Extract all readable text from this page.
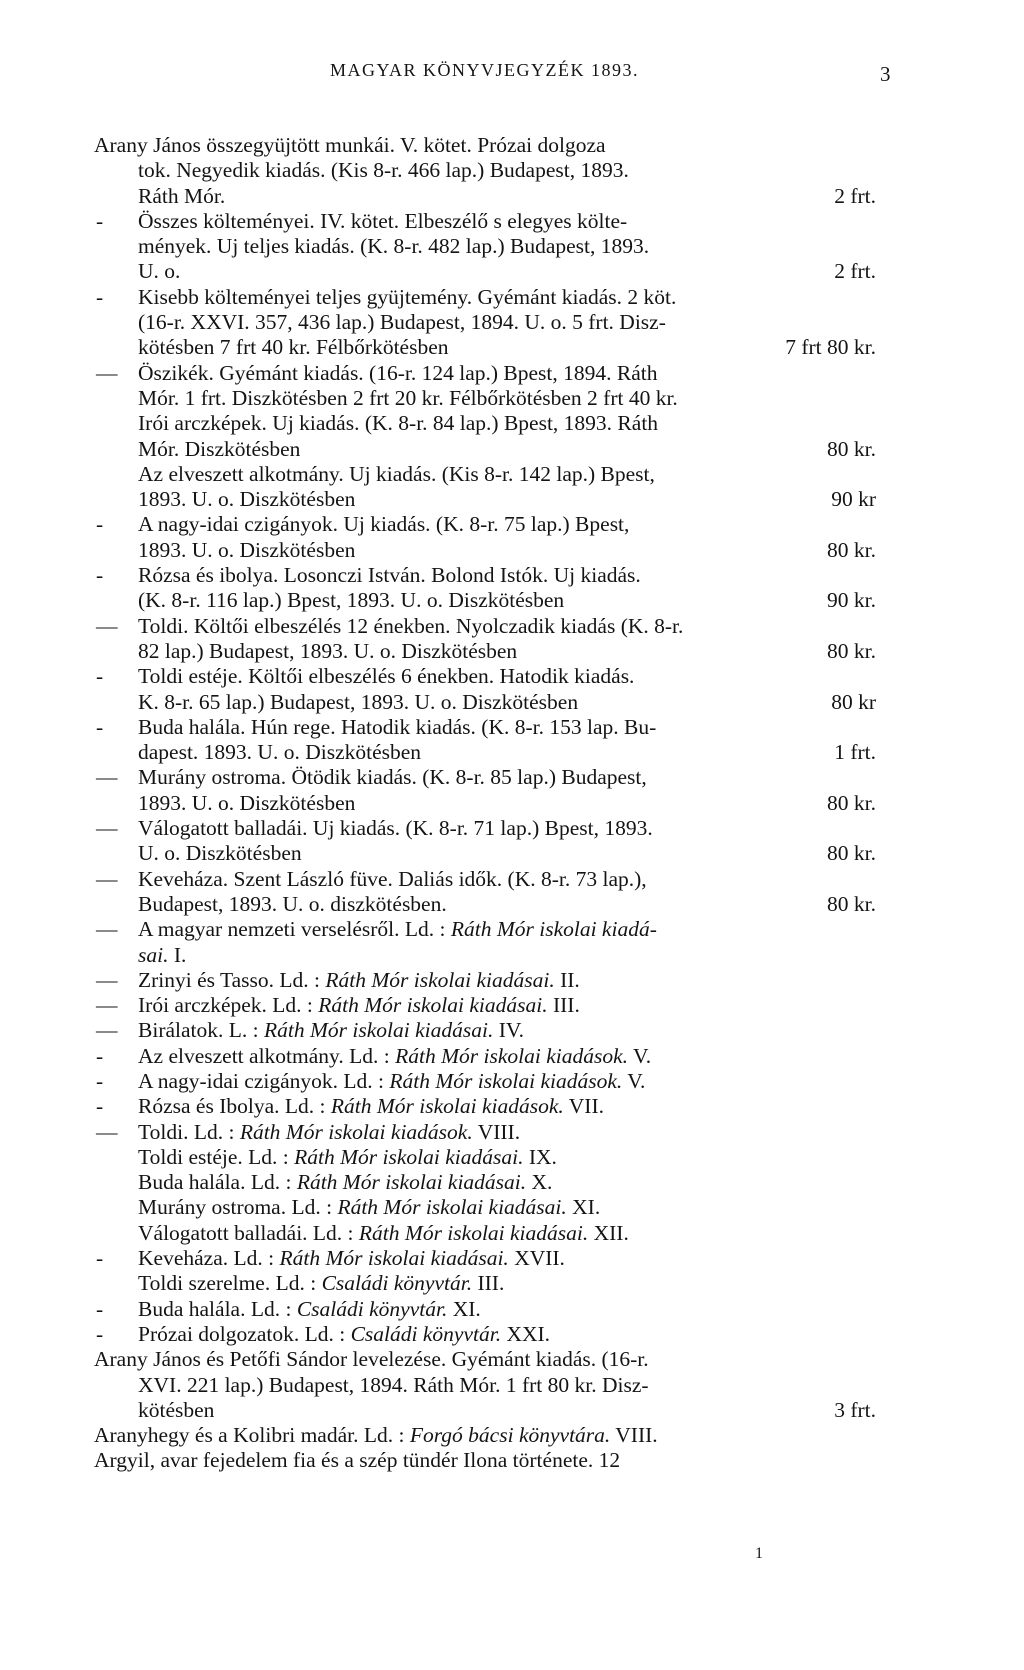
MAGYAR KÖNYVJEGYZÉK 1893.	3
Arany János összegyüjtött munkái. V. kötet. Prózai dolgoza
tok. Negyedik kiadás. (Kis 8-r. 466 lap.) Budapest, 1893.
Ráth Mór.	2 frt.
-	Összes költeményei. IV. kötet. Elbeszélő s elegyes költe-
mények. Uj teljes kiadás. (K. 8-r. 482 lap.) Budapest, 1893.
U. o.	2 frt.
-	Kisebb költeményei teljes gyüjtemény. Gyémánt kiadás. 2 köt.
(16-r. XXVI. 357, 436 lap.) Budapest, 1894. U. o. 5 frt. Disz-
kötésben 7 frt 40 kr. Félbőrkötésben	7 frt 80 kr.
— Öszikék. Gyémánt kiadás. (16-r. 124 lap.) Bpest, 1894. Ráth
Mór. 1 frt. Diszkötésben 2 frt 20 kr. Félbőrkötésben 2 frt 40 kr.
Irói arczképek. Uj kiadás. (K. 8-r. 84 lap.) Bpest, 1893. Ráth
Mór. Diszkötésben	80 kr.
Az elveszett alkotmány. Uj kiadás. (Kis 8-r. 142 lap.) Bpest,
1893. U. o. Diszkötésben	90 kr
-	A nagy-idai czigányok. Uj kiadás. (K. 8-r. 75 lap.) Bpest,
1893. U. o. Diszkötésben	80 kr.
-	Rózsa és ibolya. Losonczi István. Bolond Istók. Uj kiadás.
(K. 8-r. 116 lap.) Bpest, 1893. U. o. Diszkötésben	90 kr.
— Toldi. Költői elbeszélés 12 énekben. Nyolczadik kiadás (K. 8-r.
82 lap.) Budapest, 1893. U. o. Diszkötésben	80 kr.
-	Toldi estéje. Költői elbeszélés 6 énekben. Hatodik kiadás.
K. 8-r. 65 lap.) Budapest, 1893. U. o. Diszkötésben	80 kr
-	Buda halála. Hún rege. Hatodik kiadás. (K. 8-r. 153 lap. Bu-
dapest. 1893. U. o. Diszkötésben	1 frt.
— Murány ostroma. Ötödik kiadás. (K. 8-r. 85 lap.) Budapest,
1893. U. o. Diszkötésben	80 kr.
— Válogatott balladái. Uj kiadás. (K. 8-r. 71 lap.) Bpest, 1893.
U. o. Diszkötésben	80 kr.
— Keveháza. Szent László füve. Daliás idők. (K. 8-r. 73 lap.),
Budapest, 1893. U. o. diszkötésben.	80 kr.
— A magyar nemzeti verselésről. Ld. : Ráth Mór iskolai kiadá-
sai. I.
— Zrinyi és Tasso. Ld. : Ráth Mór iskolai kiadásai. II.
— Irói arczképek. Ld. : Ráth Mór iskolai kiadásai. III.
— Birálatok. L. : Ráth Mór iskolai kiadásai. IV.
-	Az elveszett alkotmány. Ld. : Ráth Mór iskolai kiadások. V.
-	A nagy-idai czigányok. Ld. : Ráth Mór iskolai kiadások. V.
-	Rózsa és Ibolya. Ld. : Ráth Mór iskolai kiadások. VII.
— Toldi. Ld. : Ráth Mór iskolai kiadások. VIII.
Toldi estéje. Ld. : Ráth Mór iskolai kiadásai. IX.
Buda halála. Ld. : Ráth Mór iskolai kiadásai. X.
Murány ostroma. Ld. : Ráth Mór iskolai kiadásai. XI.
Válogatott balladái. Ld. : Ráth Mór iskolai kiadásai. XII.
-	Keveháza. Ld. : Ráth Mór iskolai kiadásai. XVII.
Toldi szerelme. Ld. : Családi könyvtár. III.
-	Buda halála. Ld. : Családi könyvtár. XI.
-	Prózai dolgozatok. Ld. : Családi könyvtár. XXI.
Arany János és Petőfi Sándor levelezése. Gyémánt kiadás. (16-r.
XVI. 221 lap.) Budapest, 1894. Ráth Mór. 1 frt 80 kr. Disz-
kötésben	3 frt.
Aranyhegy és a Kolibri madár. Ld. : Forgó bácsi könyvtára. VIII.
Argyil, avar fejedelem fia és a szép tündér Ilona története. 12
1
